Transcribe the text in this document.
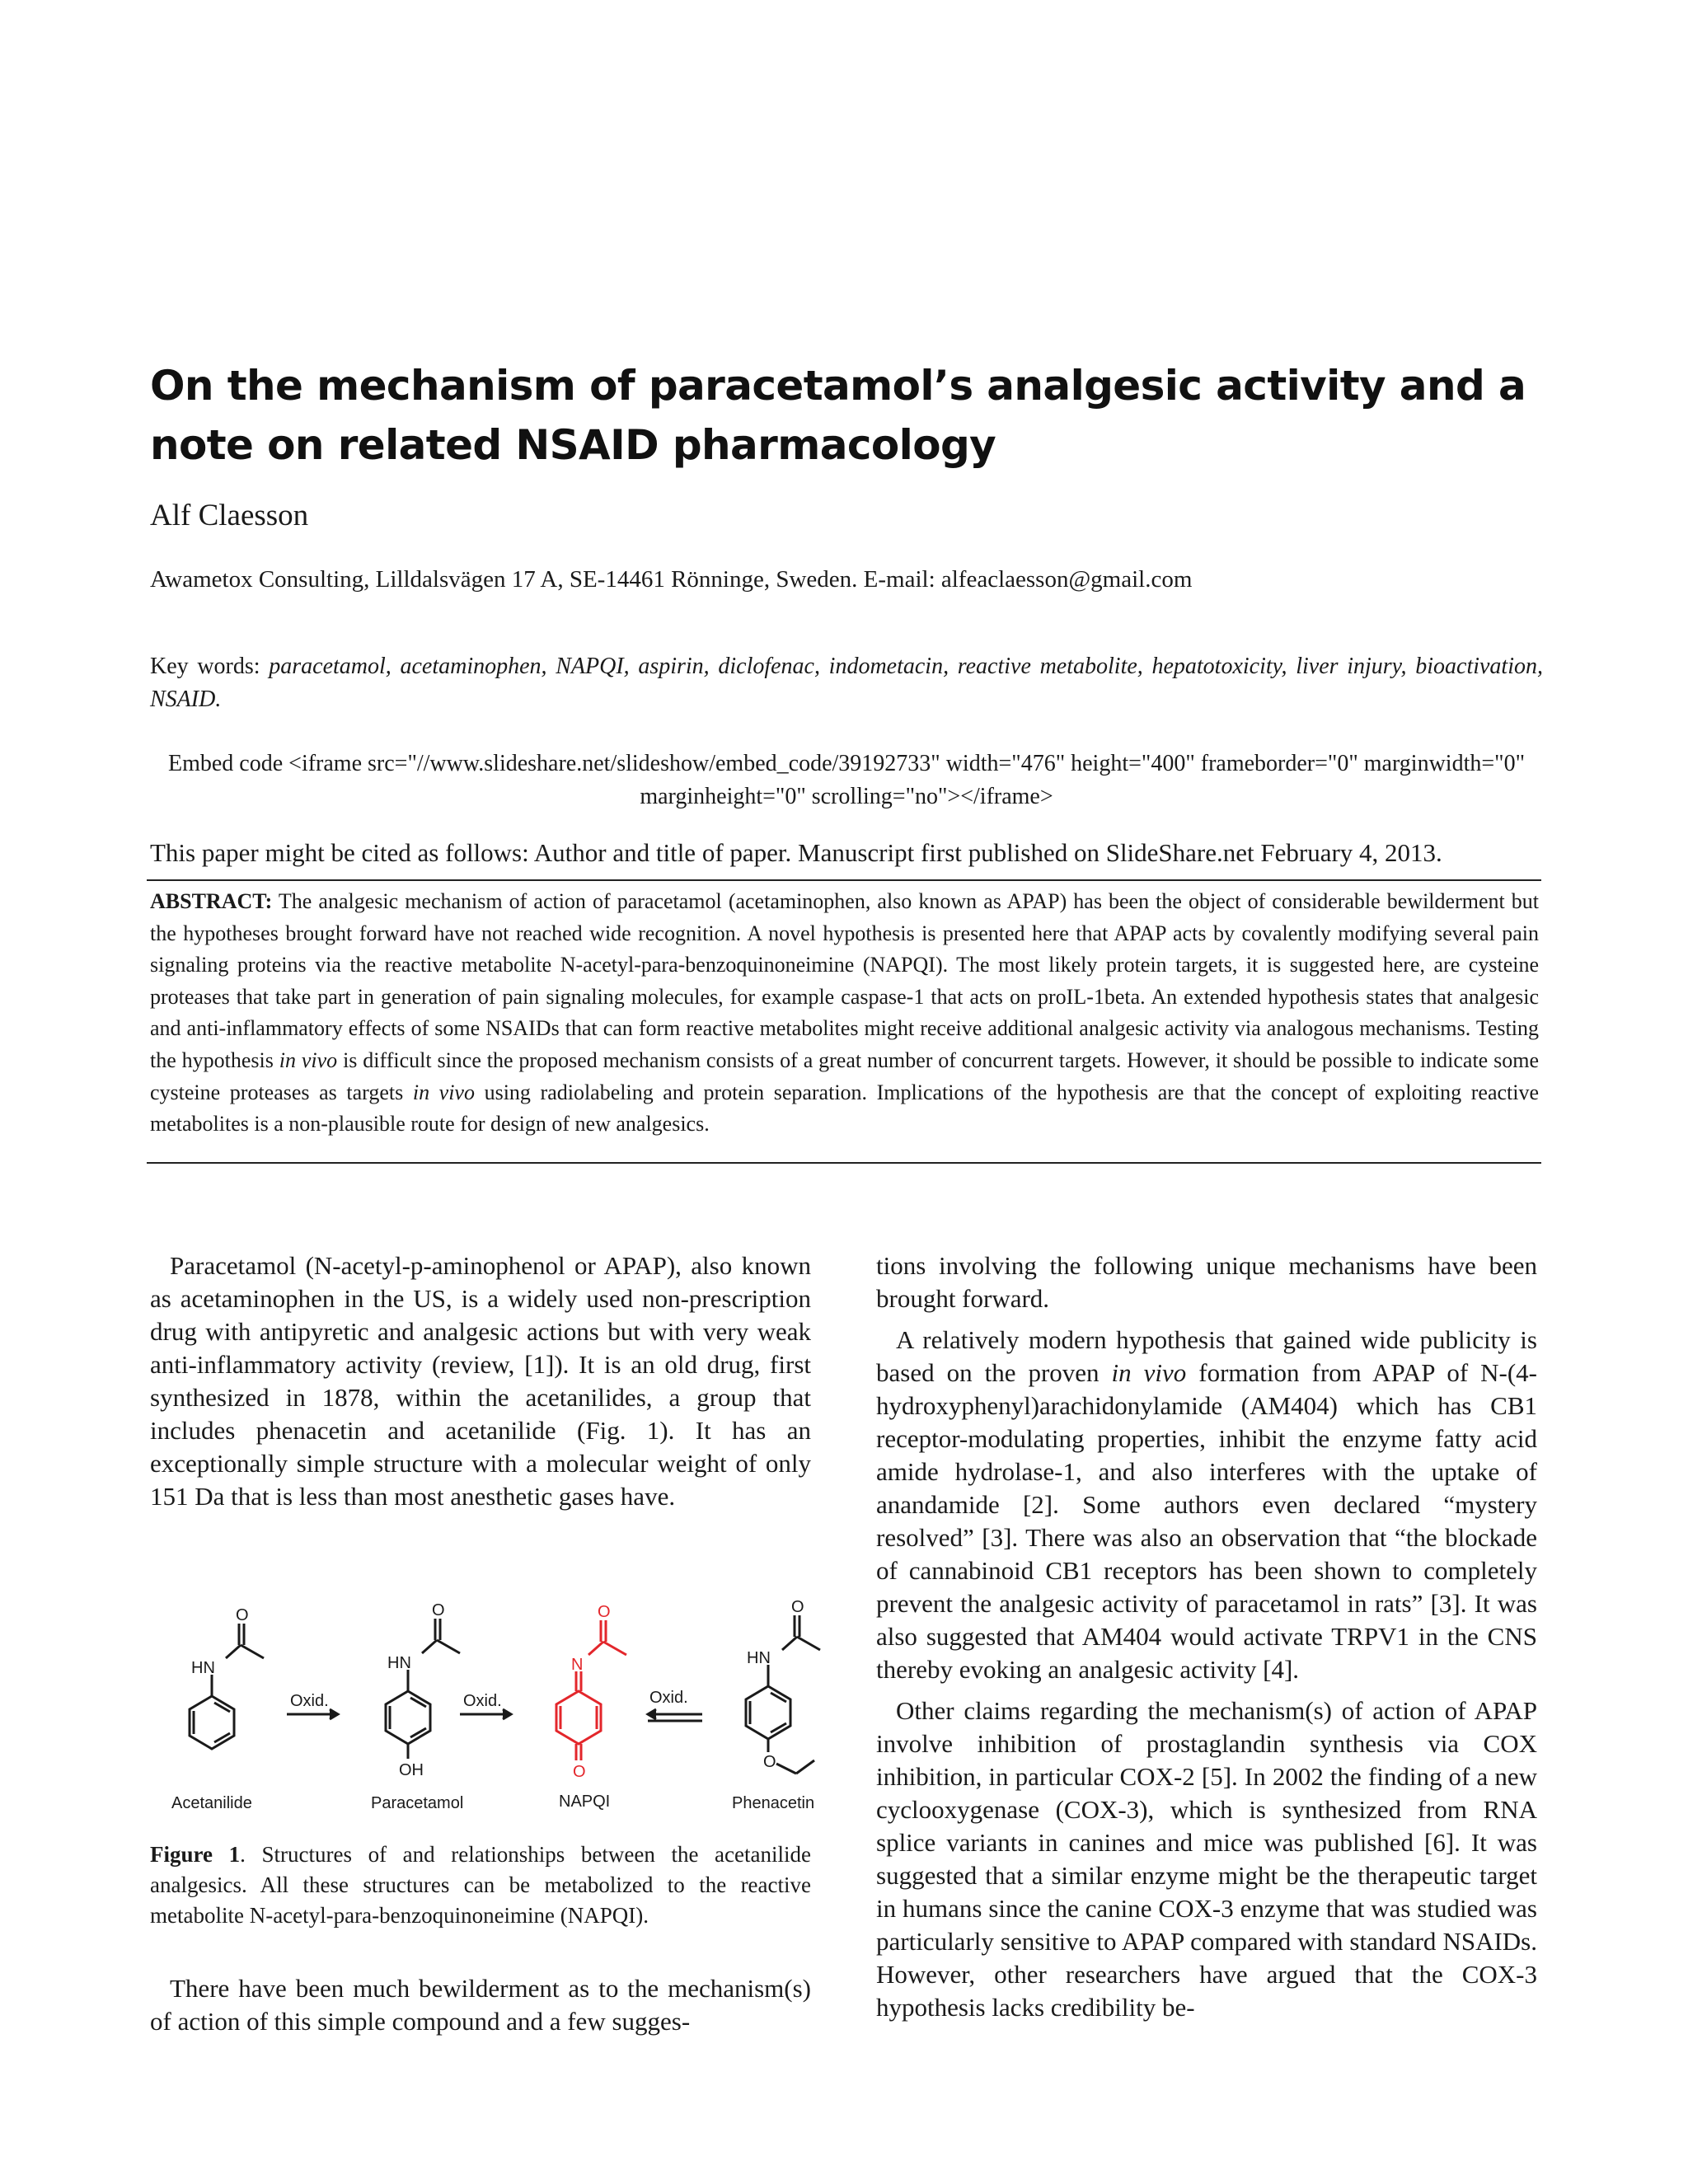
On the mechanism of paracetamol’s analgesic activity and a note on related NSAID pharmacology
Alf Claesson
Awametox Consulting, Lilldalsvägen 17 A, SE-14461 Rönninge, Sweden. E-mail: alfeaclaesson@gmail.com
Key words: paracetamol, acetaminophen, NAPQI, aspirin, diclofenac, indometacin, reactive metabolite, hepatotoxicity, liver injury, bioactivation, NSAID.
Embed code <iframe src="//www.slideshare.net/slideshow/embed_code/39192733" width="476" height="400" frameborder="0" marginwidth="0" marginheight="0" scrolling="no"></iframe>
This paper might be cited as follows: Author and title of paper. Manuscript first published on SlideShare.net February 4, 2013.

ABSTRACT: The analgesic mechanism of action of paracetamol (acetaminophen, also known as APAP) has been the object of considerable bewilderment but the hypotheses brought forward have not reached wide recognition. A novel hypothesis is presented here that APAP acts by covalently modifying several pain signaling proteins via the reactive metabolite N-acetyl-para-benzoquinoneimine (NAPQI). The most likely protein targets, it is suggested here, are cysteine proteases that take part in generation of pain signaling molecules, for example caspase-1 that acts on proIL-1beta. An extended hypothesis states that analgesic and anti-inflammatory effects of some NSAIDs that can form reactive metabolites might receive additional analgesic activity via analogous mechanisms. Testing the hypothesis in vivo is difficult since the proposed mechanism consists of a great number of concurrent targets. However, it should be possible to indicate some cysteine proteases as targets in vivo using radiolabeling and protein separation. Implications of the hypothesis are that the concept of exploiting reactive metabolites is a non-plausible route for design of new analgesics.

Paracetamol (N-acetyl-p-aminophenol or APAP), also known as acetaminophen in the US, is a widely used non-prescription drug with antipyretic and analgesic actions but with very weak anti-inflammatory activity (review, [1]). It is an old drug, first synthesized in 1878, within the acetanilides, a group that includes phenacetin and acetanilide (Fig. 1). It has an exceptionally simple structure with a molecular weight of only 151 Da that is less than most anesthetic gases have.

O
HN
O
HN
OH
O
HN
O
Oxid.	Oxid.	Oxid.
Acetanilide	Paracetamol	Phenacetin
O
N
O
NAPQI
Figure 1. Structures of and relationships between the acetanilide analgesics. All these structures can be metabolized to the reactive metabolite N-acetyl-para-benzoquinoneimine (NAPQI).

There have been much bewilderment as to the mechanism(s) of action of this simple compound and a few sugges-

tions involving the following unique mechanisms have been brought forward.

A relatively modern hypothesis that gained wide publicity is based on the proven in vivo formation from APAP of N-(4-hydroxyphenyl)arachidonylamide (AM404) which has CB1 receptor-modulating properties, inhibit the enzyme fatty acid amide hydrolase-1, and also interferes with the uptake of anandamide [2]. Some authors even declared “mystery resolved” [3]. There was also an observation that “the blockade of cannabinoid CB1 receptors has been shown to completely prevent the analgesic activity of paracetamol in rats” [3]. It was also suggested that AM404 would activate TRPV1 in the CNS thereby evoking an analgesic activity [4].

Other claims regarding the mechanism(s) of action of APAP involve inhibition of prostaglandin synthesis via COX inhibition, in particular COX-2 [5]. In 2002 the finding of a new cyclooxygenase (COX-3), which is synthesized from RNA splice variants in canines and mice was published [6]. It was suggested that a similar enzyme might be the therapeutic target in humans since the canine COX-3 enzyme that was studied was particularly sensitive to APAP compared with standard NSAIDs. However, other researchers have argued that the COX-3 hypothesis lacks credibility be-
